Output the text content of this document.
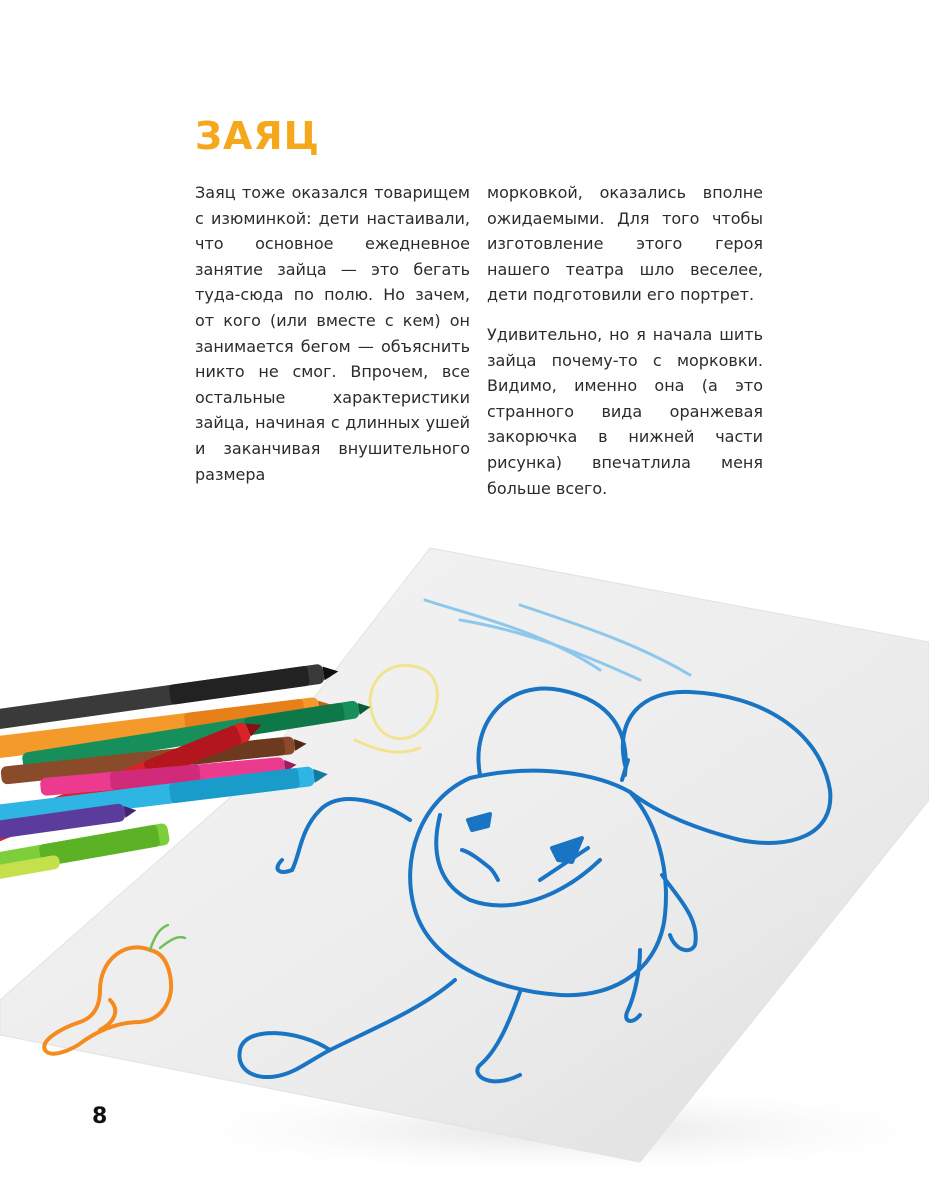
ЗАЯЦ

Заяц тоже оказался товарищем с изюминкой: дети настаивали, что основное ежедневное занятие зайца — это бегать туда-сюда по полю. Но зачем, от кого (или вместе с кем) он занимается бегом — объяснить никто не смог. Впрочем, все остальные характеристики зайца, начиная с длинных ушей и заканчивая внушительного размера

морковкой, оказались вполне ожидаемыми. Для того чтобы изготовление этого героя нашего театра шло веселее, дети подготовили его портрет.

Удивительно, но я начала шить зайца почему-то с морковки. Видимо, именно она (а это странного вида оранжевая закорючка в нижней части рисунка) впечатлила меня больше всего.

8
